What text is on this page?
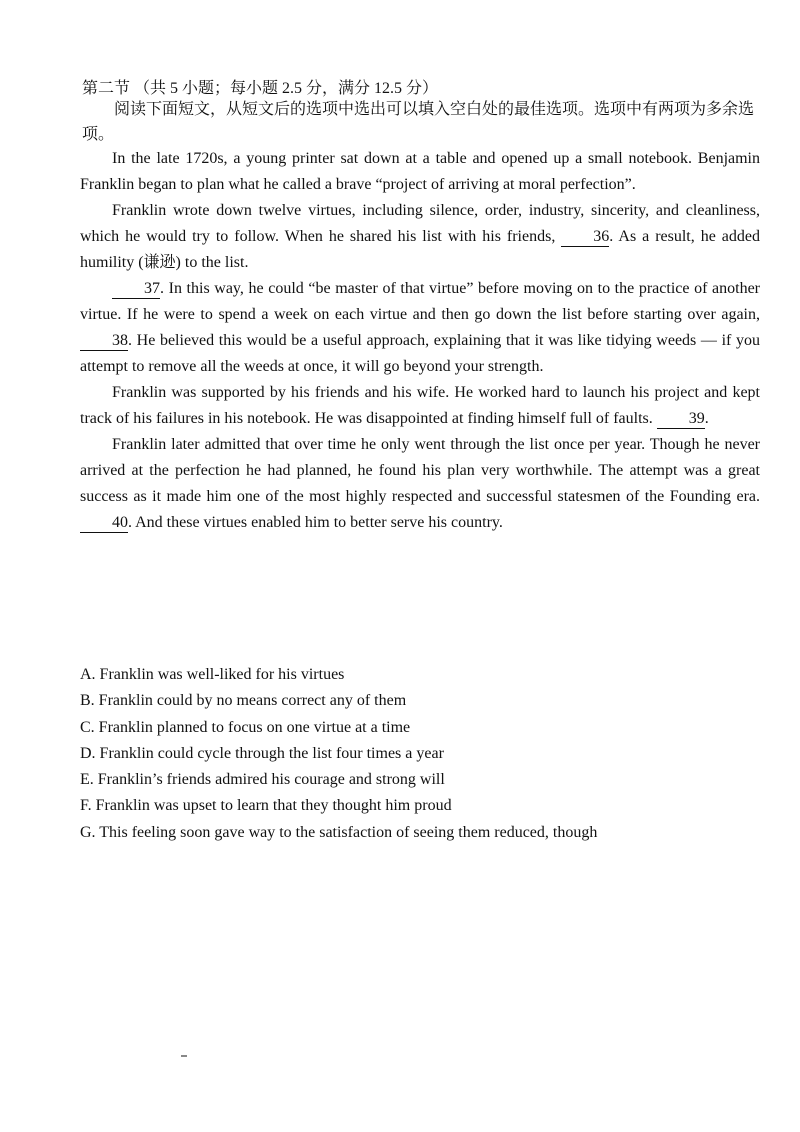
第二节 （共 5 小题；每小题 2.5 分，满分 12.5 分）
阅读下面短文，从短文后的选项中选出可以填入空白处的最佳选项。选项中有两项为多余选项。

In the late 1720s, a young printer sat down at a table and opened up a small notebook. Benjamin Franklin began to plan what he called a brave “project of arriving at moral perfection”.

Franklin wrote down twelve virtues, including silence, order, industry, sincerity, and cleanliness, which he would try to follow. When he shared his list with his friends, 36. As a result, he added humility (谦逊) to the list.

37. In this way, he could “be master of that virtue” before moving on to the practice of another virtue. If he were to spend a week on each virtue and then go down the list before starting over again, 38. He believed this would be a useful approach, explaining that it was like tidying weeds — if you attempt to remove all the weeds at once, it will go beyond your strength.

Franklin was supported by his friends and his wife. He worked hard to launch his project and kept track of his failures in his notebook. He was disappointed at finding himself full of faults. 39.

Franklin later admitted that over time he only went through the list once per year. Though he never arrived at the perfection he had planned, he found his plan very worthwhile. The attempt was a great success as it made him one of the most highly respected and successful statesmen of the Founding era. 40. And these virtues enabled him to better serve his country.

A. Franklin was well-liked for his virtues
B. Franklin could by no means correct any of them
C. Franklin planned to focus on one virtue at a time
D. Franklin could cycle through the list four times a year
E. Franklin’s friends admired his courage and strong will
F. Franklin was upset to learn that they thought him proud
G. This feeling soon gave way to the satisfaction of seeing them reduced, though
